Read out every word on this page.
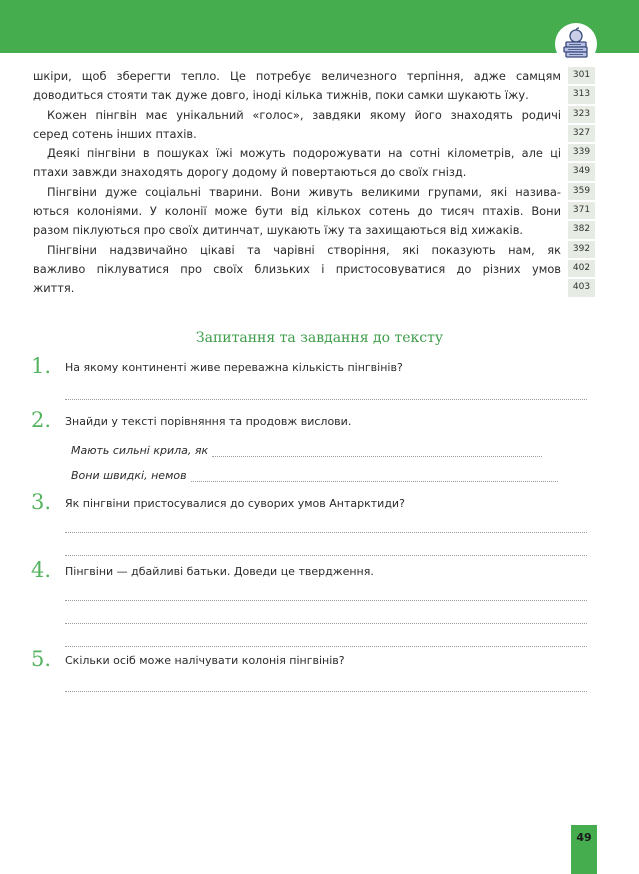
шкіри, щоб зберегти тепло. Це потребує величезного терпіння, адже самцям
доводиться стояти так дуже довго, іноді кілька тижнів, поки самки шукають їжу.
Кожен пінгвін має унікальний «голос», завдяки якому його знаходять родичі
серед сотень інших птахів.
Деякі пінгвіни в пошуках їжі можуть подорожувати на сотні кілометрів, але ці
птахи завжди знаходять дорогу додому й повертаються до своїх гнізд.
Пінгвіни дуже соціальні тварини. Вони живуть великими групами, які назива-
ються колоніями. У колонії може бути від кількох сотень до тисяч птахів. Вони
разом піклуються про своїх дитинчат, шукають їжу та захищаються від хижаків.
Пінгвіни надзвичайно цікаві та чарівні створіння, які показують нам, як
важливо піклуватися про своїх близьких і пристосовуватися до різних умов
життя.
301
313
323
327
339
349
359
371
382
392
402
403
Запитання та завдання до тексту
1. На якому континенті живе переважна кількість пінгвінів?
2. Знайди у тексті порівняння та продовж вислови.
Мають сильні крила, як
Вони швидкі, немов
3. Як пінгвіни пристосувалися до суворих умов Антарктиди?
4. Пінгвіни — дбайливі батьки. Доведи це твердження.
5. Скільки осіб може налічувати колонія пінгвінів?
49
